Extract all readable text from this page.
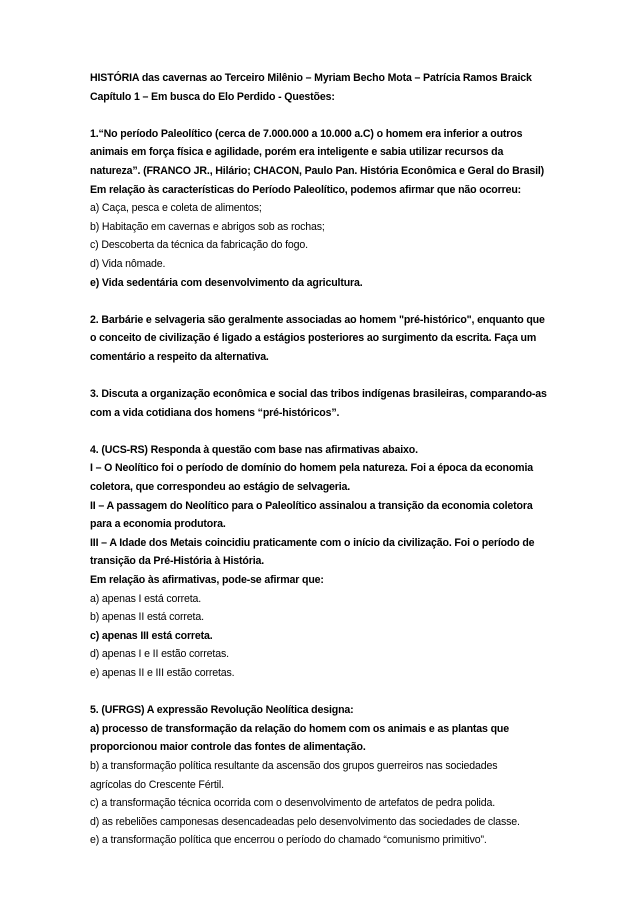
HISTÓRIA das cavernas ao Terceiro Milênio – Myriam Becho Mota – Patrícia Ramos Braick
Capítulo 1 – Em busca do Elo Perdido - Questões:
1.“No período Paleolítico (cerca de 7.000.000 a 10.000 a.C) o homem era inferior a outros
animais em força física e agilidade, porém era inteligente e sabia utilizar recursos da
natureza”. (FRANCO JR., Hilário; CHACON, Paulo Pan. História Econômica e Geral do Brasil)
Em relação às características do Período Paleolítico, podemos afirmar que não ocorreu:
a) Caça, pesca e coleta de alimentos;
b) Habitação em cavernas e abrigos sob as rochas;
c) Descoberta da técnica da fabricação do fogo.
d) Vida nômade.
e) Vida sedentária com desenvolvimento da agricultura.
2. Barbárie e selvageria são geralmente associadas ao homem "pré-histórico", enquanto que
o conceito de civilização é ligado a estágios posteriores ao surgimento da escrita. Faça um
comentário a respeito da alternativa.
3. Discuta a organização econômica e social das tribos indígenas brasileiras, comparando-as
com a vida cotidiana dos homens “pré-históricos”.
4. (UCS-RS) Responda à questão com base nas afirmativas abaixo.
I – O Neolítico foi o período de domínio do homem pela natureza. Foi a época da economia
coletora, que correspondeu ao estágio de selvageria.
II – A passagem do Neolítico para o Paleolítico assinalou a transição da economia coletora
para a economia produtora.
III – A Idade dos Metais coincidiu praticamente com o início da civilização. Foi o período de
transição da Pré-História à História.
Em relação às afirmativas, pode-se afirmar que:
a) apenas I está correta.
b) apenas II está correta.
c) apenas III está correta.
d) apenas I e II estão corretas.
e) apenas II e III estão corretas.
5. (UFRGS) A expressão Revolução Neolítica designa:
a) processo de transformação da relação do homem com os animais e as plantas que
proporcionou maior controle das fontes de alimentação.
b) a transformação política resultante da ascensão dos grupos guerreiros nas sociedades
agrícolas do Crescente Fértil.
c) a transformação técnica ocorrida com o desenvolvimento de artefatos de pedra polida.
d) as rebeliões camponesas desencadeadas pelo desenvolvimento das sociedades de classe.
e) a transformação política que encerrou o período do chamado “comunismo primitivo”.
